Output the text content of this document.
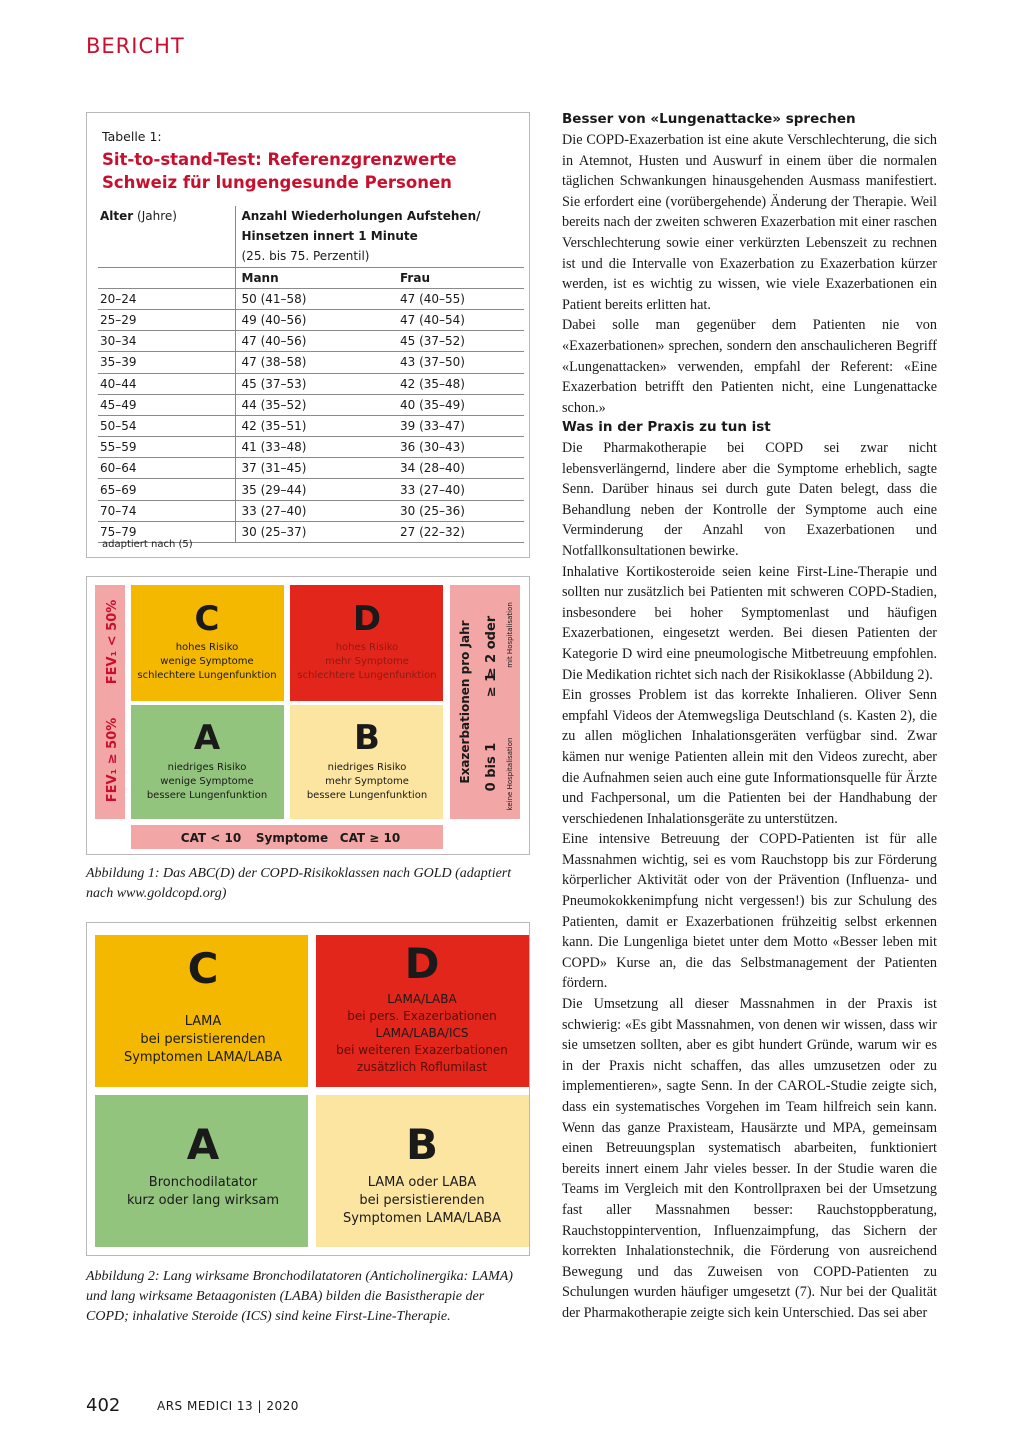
BERICHT
Tabelle 1:
Sit-to-stand-Test: Referenzgrenzwerte Schweiz für lungengesunde Personen
Alter (Jahre)	Anzahl Wiederholungen Aufstehen/	
	Hinsetzen innert 1 Minute	
	(25. bis 75. Perzentil)	
	Mann	Frau
20–24	50 (41–58)	47 (40–55)
25–29	49 (40–56)	47 (40–54)
30–34	47 (40–56)	45 (37–52)
35–39	47 (38–58)	43 (37–50)
40–44	45 (37–53)	42 (35–48)
45–49	44 (35–52)	40 (35–49)
50–54	42 (35–51)	39 (33–47)
55–59	41 (33–48)	36 (30–43)
60–64	37 (31–45)	34 (28–40)
65–69	35 (29–44)	33 (27–40)
70–74	33 (27–40)	30 (25–36)
75–79	30 (25–37)	27 (22–32)
adaptiert nach (5)
FEV₁ < 50%
FEV₁ ≥ 50%
C
hohes Risiko
wenige Symptome
schlechtere Lungenfunktion
D
hohes Risiko
mehr Symptome
schlechtere Lungenfunktion
A
niedriges Risiko
wenige Symptome
bessere Lungenfunktion
B
niedriges Risiko
mehr Symptome
bessere Lungenfunktion
Exazerbationen pro Jahr ≥ 2 oder
≥ 1
mit Hospitalisation
0 bis 1 keine Hospitalisation
CAT < 10 Symptome CAT ≥ 10
Abbildung 1: Das ABC(D) der COPD-Risikoklassen nach GOLD (adaptiert nach www.goldcopd.org)
C
LAMA
bei persistierenden
Symptomen LAMA/LABA
D
LAMA/LABA
bei pers. Exazerbationen
LAMA/LABA/ICS
bei weiteren Exazerbationen
zusätzlich Roflumilast
A
Bronchodilatator
kurz oder lang wirksam
B
LAMA oder LABA
bei persistierenden
Symptomen LAMA/LABA
Abbildung 2: Lang wirksame Bronchodilatatoren (Anticholinergika: LAMA) und lang wirksame Betaagonisten (LABA) bilden die Basistherapie der COPD; inhalative Steroide (ICS) sind keine First-Line-Therapie.
Besser von «Lungenattacke» sprechen

Die COPD-Exazerbation ist eine akute Verschlechterung, die sich in Atemnot, Husten und Auswurf in einem über die normalen täglichen Schwankungen hinausgehenden Ausmass manifestiert. Sie erfordert eine (vorübergehende) Änderung der Therapie. Weil bereits nach der zweiten schweren Exazerbation mit einer raschen Verschlechterung sowie einer verkürzten Lebenszeit zu rechnen ist und die Intervalle von Exazerbation zu Exazerbation kürzer werden, ist es wichtig zu wissen, wie viele Exazerbationen ein Patient bereits erlitten hat.

Dabei solle man gegenüber dem Patienten nie von «Exazerbationen» sprechen, sondern den anschaulicheren Begriff «Lungenattacken» verwenden, empfahl der Referent: «Eine Exazerbation betrifft den Patienten nicht, eine Lungenattacke schon.»

Was in der Praxis zu tun ist

Die Pharmakotherapie bei COPD sei zwar nicht lebensverlängernd, lindere aber die Symptome erheblich, sagte Senn. Darüber hinaus sei durch gute Daten belegt, dass die Behandlung neben der Kontrolle der Symptome auch eine Verminderung der Anzahl von Exazerbationen und Notfallkonsultationen bewirke.

Inhalative Kortikosteroide seien keine First-Line-Therapie und sollten nur zusätzlich bei Patienten mit schweren COPD-Stadien, insbesondere bei hoher Symptomenlast und häufigen Exazerbationen, eingesetzt werden. Bei diesen Patienten der Kategorie D wird eine pneumologische Mitbetreuung empfohlen. Die Medikation richtet sich nach der Risikoklasse (Abbildung 2).

Ein grosses Problem ist das korrekte Inhalieren. Oliver Senn empfahl Videos der Atemwegsliga Deutschland (s. Kasten 2), die zu allen möglichen Inhalationsgeräten verfügbar sind. Zwar kämen nur wenige Patienten allein mit den Videos zurecht, aber die Aufnahmen seien auch eine gute Informationsquelle für Ärzte und Fachpersonal, um die Patienten bei der Handhabung der verschiedenen Inhalationsgeräte zu unterstützen.

Eine intensive Betreuung der COPD-Patienten ist für alle Massnahmen wichtig, sei es vom Rauchstopp bis zur Förderung körperlicher Aktivität oder von der Prävention (Influenza- und Pneumokokkenimpfung nicht vergessen!) bis zur Schulung des Patienten, damit er Exazerbationen frühzeitig selbst erkennen kann. Die Lungenliga bietet unter dem Motto «Besser leben mit COPD» Kurse an, die das Selbstmanagement der Patienten fördern.

Die Umsetzung all dieser Massnahmen in der Praxis ist schwierig: «Es gibt Massnahmen, von denen wir wissen, dass wir sie umsetzen sollten, aber es gibt hundert Gründe, warum wir es in der Praxis nicht schaffen, das alles umzusetzen oder zu implementieren», sagte Senn. In der CAROL-Studie zeigte sich, dass ein systematisches Vorgehen im Team hilfreich sein kann. Wenn das ganze Praxisteam, Hausärzte und MPA, gemeinsam einen Betreuungsplan systematisch abarbeiten, funktioniert bereits innert einem Jahr vieles besser. In der Studie waren die Teams im Vergleich mit den Kontrollpraxen bei der Umsetzung fast aller Massnahmen besser: Rauchstoppberatung, Rauchstoppintervention, Influenzaimpfung, das Sichern der korrekten Inhalationstechnik, die Förderung von ausreichend Bewegung und das Zuweisen von COPD-Patienten zu Schulungen wurden häufiger umgesetzt (7). Nur bei der Qualität der Pharmakotherapie zeigte sich kein Unterschied. Das sei aber

402	ARS MEDICI 13 | 2020
